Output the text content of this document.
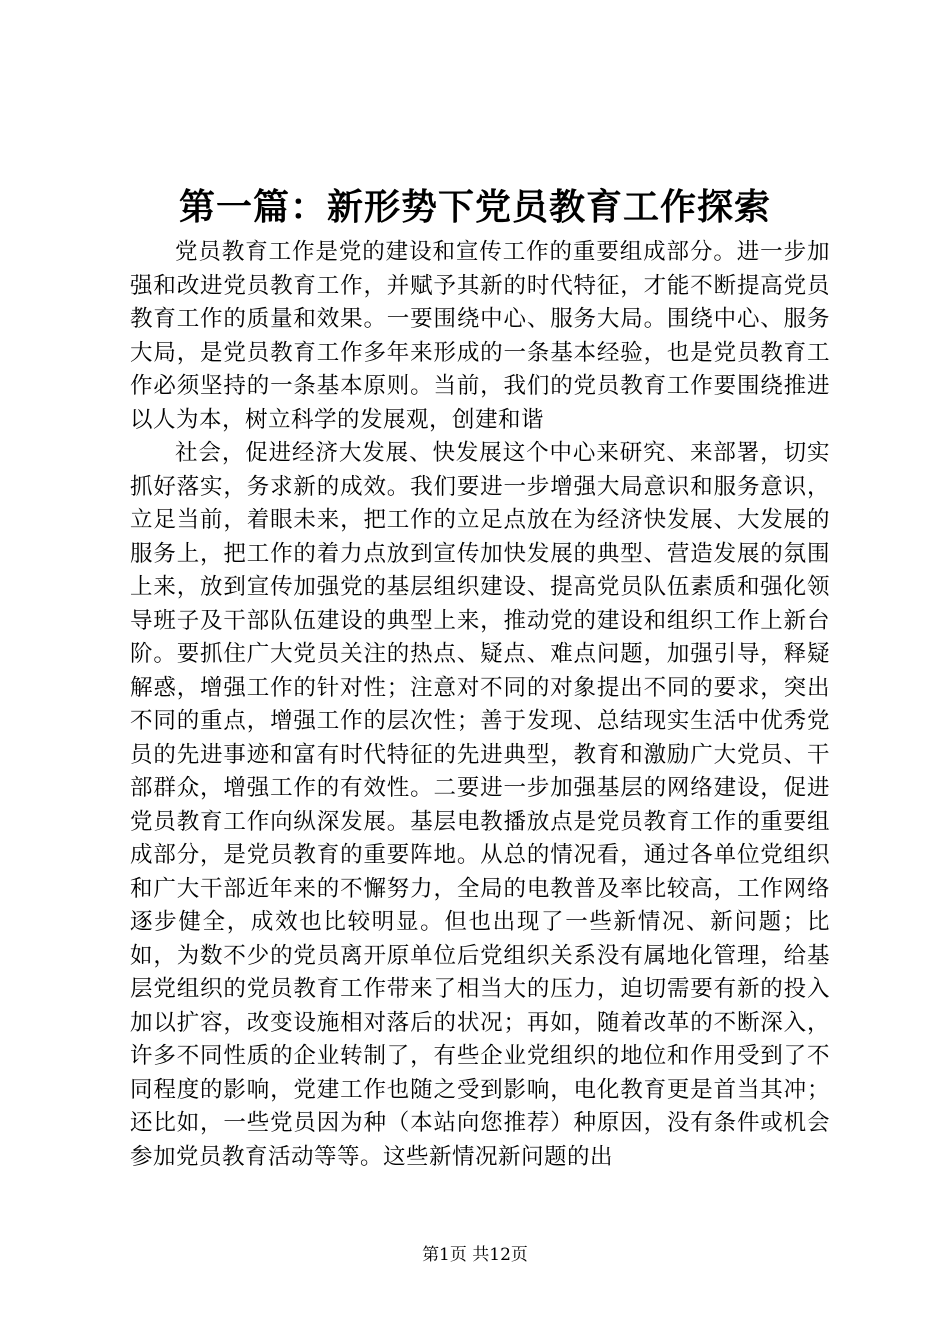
第一篇：新形势下党员教育工作探索

党员教育工作是党的建设和宣传工作的重要组成部分。进一步加强和改进党员教育工作，并赋予其新的时代特征，才能不断提高党员教育工作的质量和效果。一要围绕中心、服务大局。围绕中心、服务大局，是党员教育工作多年来形成的一条基本经验，也是党员教育工作必须坚持的一条基本原则。当前，我们的党员教育工作要围绕推进以人为本，树立科学的发展观，创建和谐

社会，促进经济大发展、快发展这个中心来研究、来部署，切实抓好落实，务求新的成效。我们要进一步增强大局意识和服务意识，立足当前，着眼未来，把工作的立足点放在为经济快发展、大发展的服务上，把工作的着力点放到宣传加快发展的典型、营造发展的氛围上来，放到宣传加强党的基层组织建设、提高党员队伍素质和强化领导班子及干部队伍建设的典型上来，推动党的建设和组织工作上新台阶。要抓住广大党员关注的热点、疑点、难点问题，加强引导，释疑解惑，增强工作的针对性；注意对不同的对象提出不同的要求，突出不同的重点，增强工作的层次性；善于发现、总结现实生活中优秀党员的先进事迹和富有时代特征的先进典型，教育和激励广大党员、干部群众，增强工作的有效性。二要进一步加强基层的网络建设，促进党员教育工作向纵深发展。基层电教播放点是党员教育工作的重要组成部分，是党员教育的重要阵地。从总的情况看，通过各单位党组织和广大干部近年来的不懈努力，全局的电教普及率比较高，工作网络逐步健全，成效也比较明显。但也出现了一些新情况、新问题；比如，为数不少的党员离开原单位后党组织关系没有属地化管理，给基层党组织的党员教育工作带来了相当大的压力，迫切需要有新的投入加以扩容，改变设施相对落后的状况；再如，随着改革的不断深入，许多不同性质的企业转制了，有些企业党组织的地位和作用受到了不同程度的影响，党建工作也随之受到影响，电化教育更是首当其冲；还比如，一些党员因为种（本站向您推荐）种原因，没有条件或机会参加党员教育活动等等。这些新情况新问题的出

第1页 共12页
